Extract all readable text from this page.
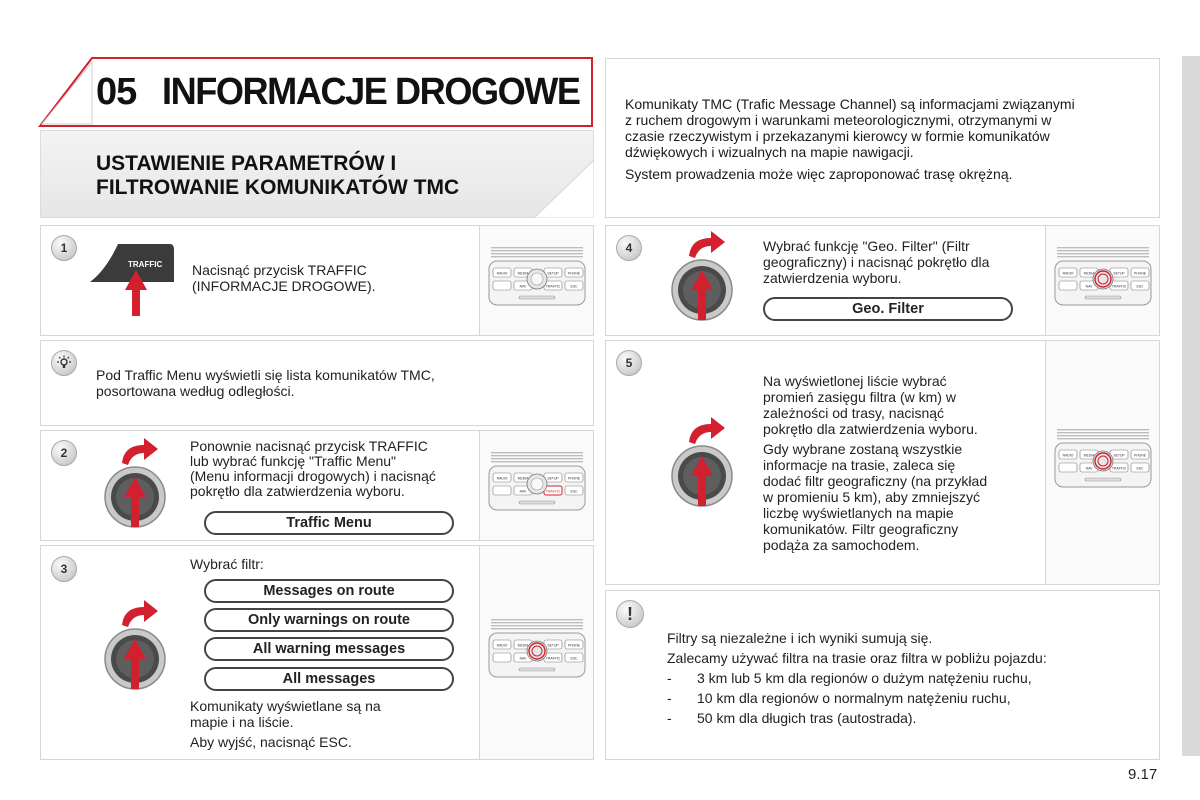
05 INFORMACJE DROGOWE
USTAWIENIE PARAMETRÓW I
FILTROWANIE KOMUNIKATÓW TMC
Komunikaty TMC (Trafic Message Channel) są informacjami związanymi
z ruchem drogowym i warunkami meteorologicznymi, otrzymanymi w
czasie rzeczywistym i przekazanymi kierowcy w formie komunikatów
dźwiękowych i wizualnych na mapie nawigacji.
System prowadzenia może więc zaproponować trasę okrężną.
1
TRAFFIC Nacisnąć przycisk TRAFFIC
(INFORMACJE DROGOWE).
RADIO	MEDIA	SETUP	PHONE
NAV	TRAFFIC	ESC
Pod Traffic Menu wyświetli się lista komunikatów TMC,
posortowana według odległości.
2	Ponownie nacisnąć przycisk TRAFFIC
lub wybrać funkcję "Traffic Menu"
(Menu informacji drogowych) i nacisnąć
pokrętło dla zatwierdzenia wyboru.
Traffic Menu
RADIO	MEDIA	SETUP	PHONE
NAV	TRAFFIC	ESC
3	Wybrać filtr:
Messages on route
Only warnings on route
All warning messages
All messages
Komunikaty wyświetlane są na
mapie i na liście.
Aby wyjść, nacisnąć ESC.
RADIO	MEDIA	SETUP	PHONE
NAV	TRAFFIC	ESC
4	Wybrać funkcję "Geo. Filter" (Filtr
geograficzny) i nacisnąć pokrętło dla
zatwierdzenia wyboru.
Geo. Filter
RADIO	MEDIA	SETUP	PHONE
NAV	TRAFFIC	ESC
5
Na wyświetlonej liście wybrać
promień zasięgu filtra (w km) w
zależności od trasy, nacisnąć
pokrętło dla zatwierdzenia wyboru.
Gdy wybrane zostaną wszystkie
informacje na trasie, zaleca się
dodać filtr geograficzny (na przykład
w promieniu 5 km), aby zmniejszyć
liczbę wyświetlanych na mapie
komunikatów. Filtr geograficzny
podąża za samochodem.
RADIO	MEDIA	SETUP	PHONE
NAV	TRAFFIC	ESC
!
Filtry są niezależne i ich wyniki sumują się.
Zalecamy używać filtra na trasie oraz filtra w pobliżu pojazdu:
-	3 km lub 5 km dla regionów o dużym natężeniu ruchu,
-	10 km dla regionów o normalnym natężeniu ruchu,
-	50 km dla długich tras (autostrada).
9.17
